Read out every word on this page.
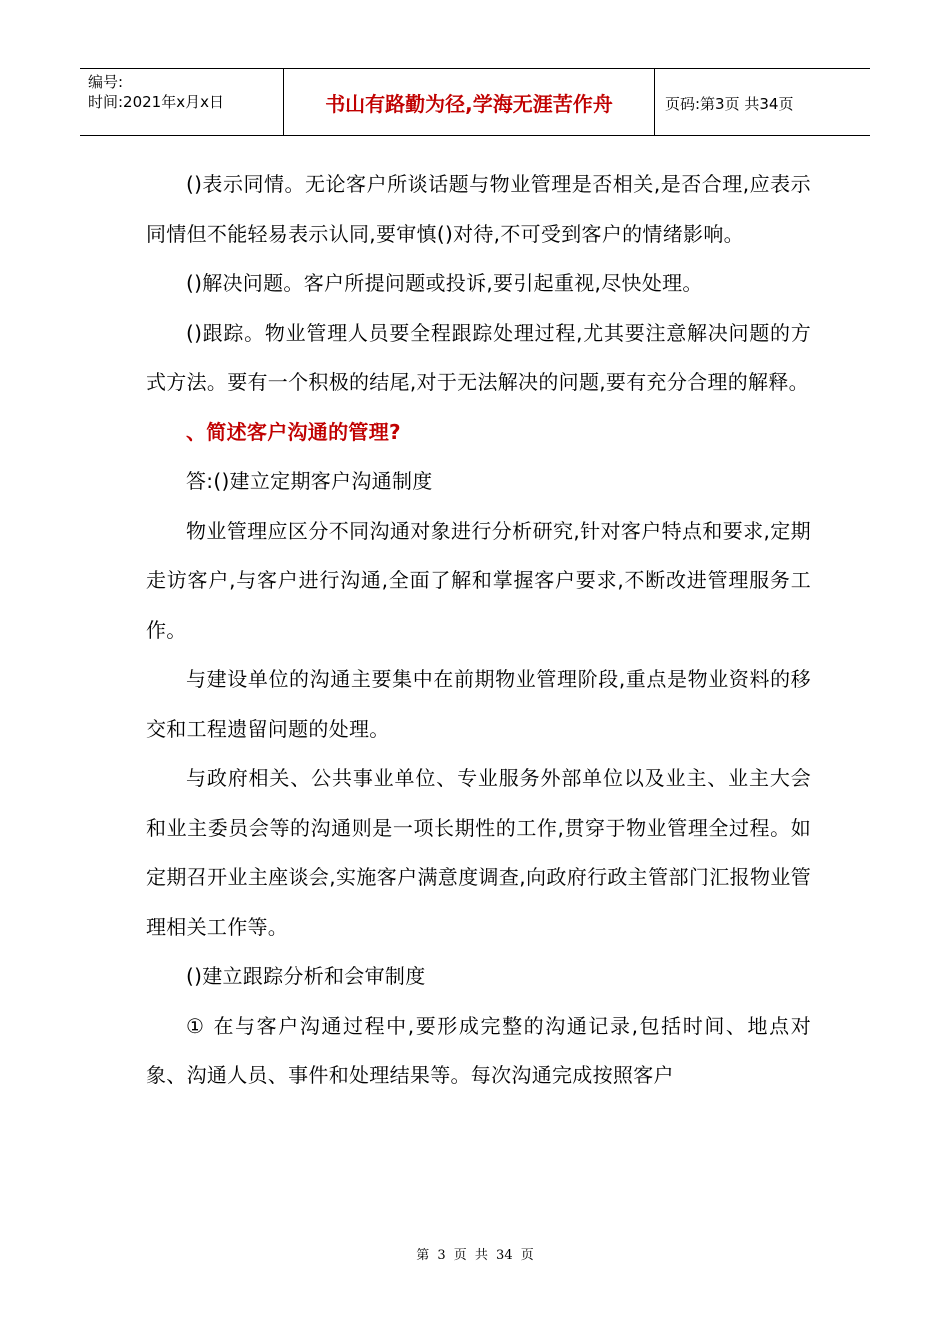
编号:
时间:2021年x月x日	书山有路勤为径,学海无涯苦作舟	页码:第3页 共34页

()表示同情。无论客户所谈话题与物业管理是否相关,是否合理,应表示同情但不能轻易表示认同,要审慎()对待,不可受到客户的情绪影响。

()解决问题。客户所提问题或投诉,要引起重视,尽快处理。

()跟踪。物业管理人员要全程跟踪处理过程,尤其要注意解决问题的方式方法。要有一个积极的结尾,对于无法解决的问题,要有充分合理的解释。

、简述客户沟通的管理?

答:()建立定期客户沟通制度

物业管理应区分不同沟通对象进行分析研究,针对客户特点和要求,定期走访客户,与客户进行沟通,全面了解和掌握客户要求,不断改进管理服务工作。

与建设单位的沟通主要集中在前期物业管理阶段,重点是物业资料的移交和工程遗留问题的处理。

与政府相关、公共事业单位、专业服务外部单位以及业主、业主大会和业主委员会等的沟通则是一项长期性的工作,贯穿于物业管理全过程。如定期召开业主座谈会,实施客户满意度调查,向政府行政主管部门汇报物业管理相关工作等。

()建立跟踪分析和会审制度

① 在与客户沟通过程中,要形成完整的沟通记录,包括时间、地点对象、沟通人员、事件和处理结果等。每次沟通完成按照客户

第 3 页 共 34 页
